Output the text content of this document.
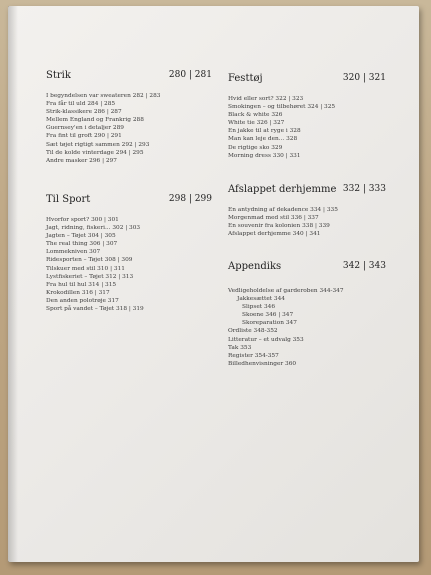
Strik	280 | 281
I begyndelsen var sweateren 282 | 283
Fra får til uld 284 | 285
Strik-klassikere 286 | 287
Mellem England og Frankrig 288
Guernsey'en i detaljer 289
Fra fint til groft 290 | 291
Sæt tøjet rigtigt sammen 292 | 293
Til de kolde vinterdage 294 | 295
Andre masker 296 | 297
Til Sport	298 | 299
Hvorfor sport? 300 | 301
Jagt, ridning, fiskeri... 302 | 303
Jagten – Tøjet 304 | 305
The real thing 306 | 307
Lommekniven 307
Ridesporten – Tøjet 308 | 309
Tilskuer med stil 310 | 311
Lystfiskeriet – Tøjet 312 | 313
Fra hul til hul 314 | 315
Krokodillen 316 | 317
Den anden polotrøje 317
Sport på vandet – Tøjet 318 | 319
Festtøj	320 | 321
Hvid eller sort? 322 | 323
Smokingen – og tilbehøret 324 | 325
Black & white 326
White tie 326 | 327
En jakke til at ryge i 328
Man kan leje den... 328
De rigtige sko 329
Morning dress 330 | 331
Afslappet derhjemme 332 | 333
En antydning af dekadence 334 | 335
Morgenmad med stil 336 | 337
En souvenir fra kolonien 338 | 339
Afslappet derhjemme 340 | 341
Appendiks	342 | 343
Vedligeholdelse af garderoben 344-347
Jakkesættet 344
Slipset 346
Skoene 346 | 347
Skoreparation 347
Ordliste 348-352
Litteratur – et udvalg 353
Tak 353
Register 354-357
Billedhenvisninger 360
